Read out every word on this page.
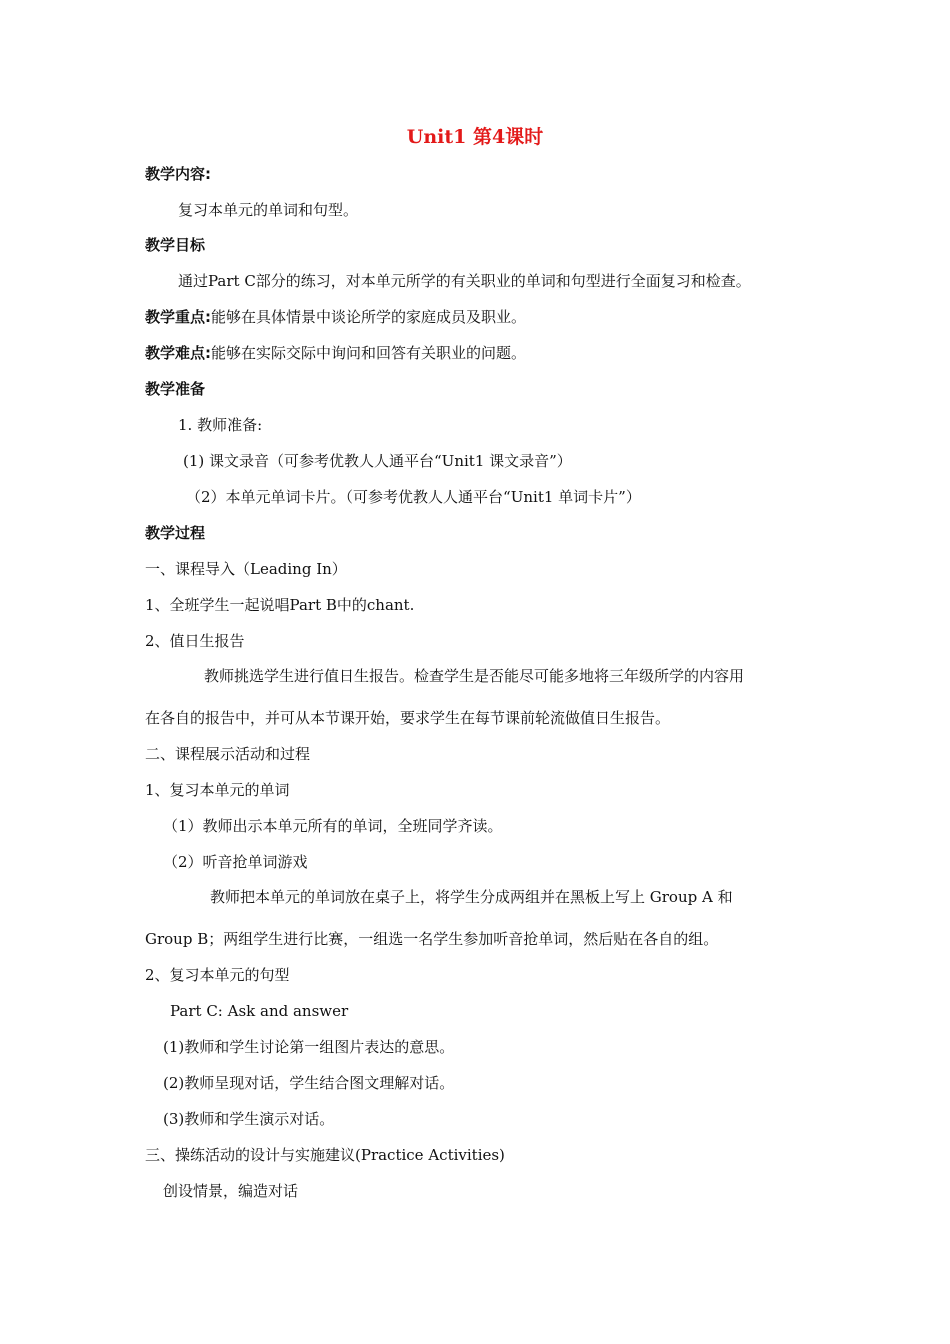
Unit1 第4课时
教学内容:
复习本单元的单词和句型。
教学目标
通过Part C部分的练习，对本单元所学的有关职业的单词和句型进行全面复习和检查。
教学重点:能够在具体情景中谈论所学的家庭成员及职业。
教学难点:能够在实际交际中询问和回答有关职业的问题。
教学准备
1. 教师准备:
(1) 课文录音（可参考优教人人通平台“Unit1 课文录音”）
（2）本单元单词卡片。（可参考优教人人通平台“Unit1 单词卡片”）
教学过程
一、课程导入（Leading In）
1、全班学生一起说唱Part B中的chant.
2、值日生报告
教师挑选学生进行值日生报告。检查学生是否能尽可能多地将三年级所学的内容用
在各自的报告中，并可从本节课开始，要求学生在每节课前轮流做值日生报告。
二、课程展示活动和过程
1、复习本单元的单词
（1）教师出示本单元所有的单词，全班同学齐读。
（2）听音抢单词游戏
教师把本单元的单词放在桌子上，将学生分成两组并在黑板上写上 Group A 和
Group B；两组学生进行比赛，一组选一名学生参加听音抢单词，然后贴在各自的组。
2、复习本单元的句型
Part C: Ask and answer
(1)教师和学生讨论第一组图片表达的意思。
(2)教师呈现对话，学生结合图文理解对话。
(3)教师和学生演示对话。
三、操练活动的设计与实施建议(Practice Activities)
创设情景，编造对话
